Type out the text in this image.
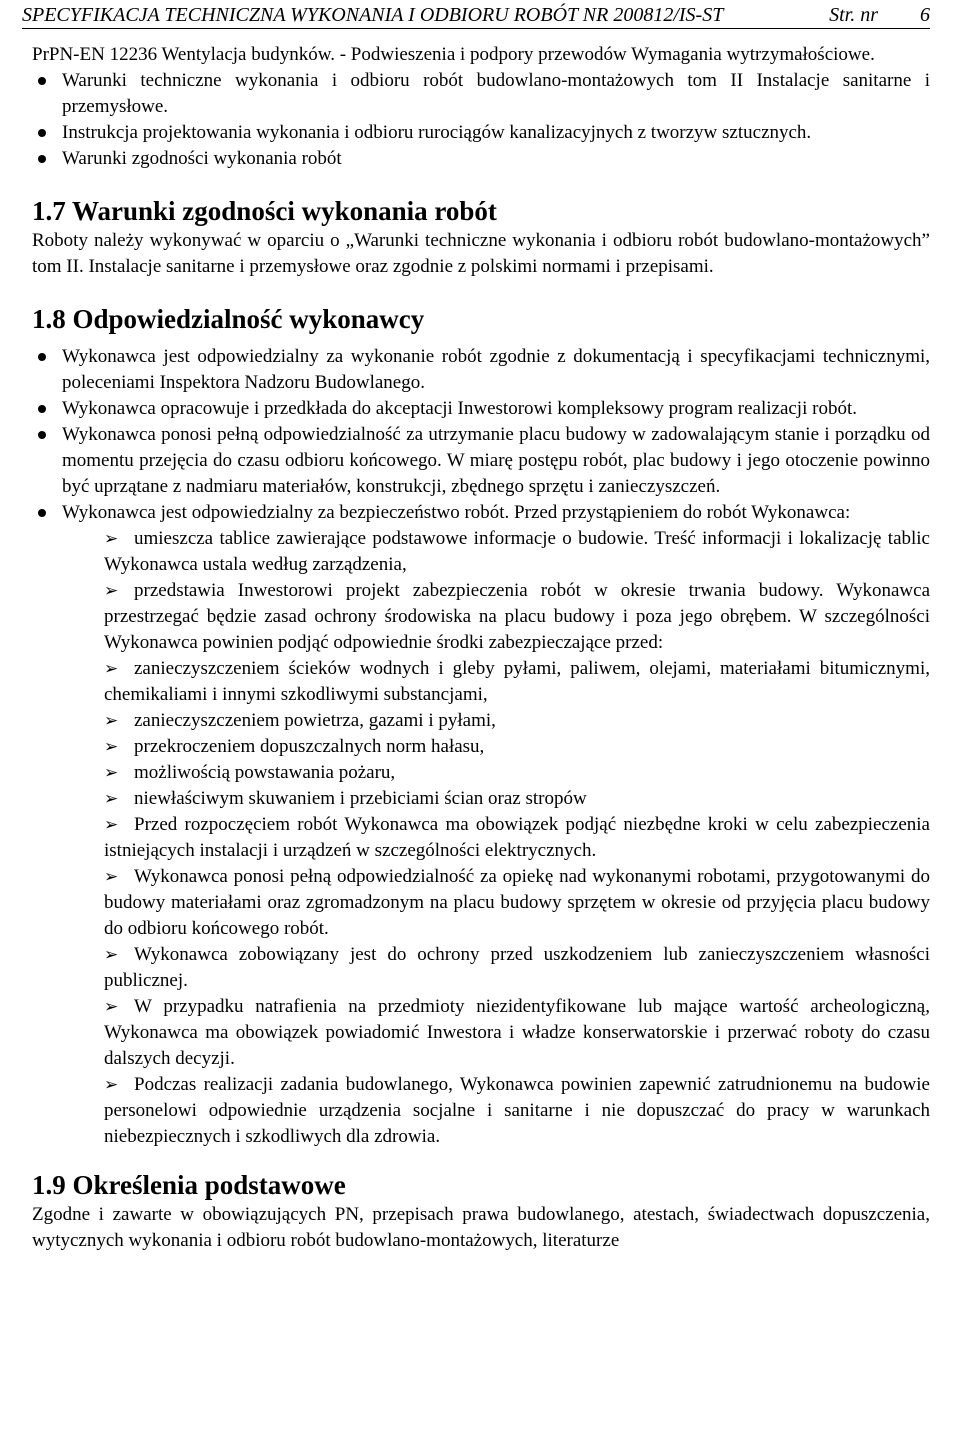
SPECYFIKACJA TECHNICZNA WYKONANIA I ODBIORU ROBÓT NR 200812/IS-ST	Str. nr 6

PrPN-EN 12236 Wentylacja budynków. - Podwieszenia i podpory przewodów Wymagania wytrzymałościowe.

Warunki techniczne wykonania i odbioru robót budowlano-montażowych tom II Instalacje sanitarne i przemysłowe.
Instrukcja projektowania wykonania i odbioru rurociągów kanalizacyjnych z tworzyw sztucznych.
Warunki zgodności wykonania robót
1.7 Warunki zgodności wykonania robót

Roboty należy wykonywać w oparciu o „Warunki techniczne wykonania i odbioru robót budowlano-montażowych” tom II. Instalacje sanitarne i przemysłowe oraz zgodnie z polskimi normami i przepisami.

1.8 Odpowiedzialność wykonawcy
Wykonawca jest odpowiedzialny za wykonanie robót zgodnie z dokumentacją i specyfikacjami technicznymi, poleceniami Inspektora Nadzoru Budowlanego.
Wykonawca opracowuje i przedkłada do akceptacji Inwestorowi kompleksowy program realizacji robót.
Wykonawca ponosi pełną odpowiedzialność za utrzymanie placu budowy w zadowalającym stanie i porządku od momentu przejęcia do czasu odbioru końcowego. W miarę postępu robót, plac budowy i jego otoczenie powinno być uprzątane z nadmiaru materiałów, konstrukcji, zbędnego sprzętu i zanieczyszczeń.
Wykonawca jest odpowiedzialny za bezpieczeństwo robót. Przed przystąpieniem do robót Wykonawca:
➢ umieszcza tablice zawierające podstawowe informacje o budowie. Treść informacji i lokalizację tablic Wykonawca ustala według zarządzenia,
➢ przedstawia Inwestorowi projekt zabezpieczenia robót w okresie trwania budowy. Wykonawca przestrzegać będzie zasad ochrony środowiska na placu budowy i poza jego obrębem. W szczególności Wykonawca powinien podjąć odpowiednie środki zabezpieczające przed:
➢ zanieczyszczeniem ścieków wodnych i gleby pyłami, paliwem, olejami, materiałami bitumicznymi, chemikaliami i innymi szkodliwymi substancjami,
➢ zanieczyszczeniem powietrza, gazami i pyłami,
➢ przekroczeniem dopuszczalnych norm hałasu,
➢ możliwością powstawania pożaru,
➢ niewłaściwym skuwaniem i przebiciami ścian oraz stropów
➢ Przed rozpoczęciem robót Wykonawca ma obowiązek podjąć niezbędne kroki w celu zabezpieczenia istniejących instalacji i urządzeń w szczególności elektrycznych.
➢ Wykonawca ponosi pełną odpowiedzialność za opiekę nad wykonanymi robotami, przygotowanymi do budowy materiałami oraz zgromadzonym na placu budowy sprzętem w okresie od przyjęcia placu budowy do odbioru końcowego robót.
➢ Wykonawca zobowiązany jest do ochrony przed uszkodzeniem lub zanieczyszczeniem własności publicznej.
➢ W przypadku natrafienia na przedmioty niezidentyfikowane lub mające wartość archeologiczną, Wykonawca ma obowiązek powiadomić Inwestora i władze konserwatorskie i przerwać roboty do czasu dalszych decyzji.
➢ Podczas realizacji zadania budowlanego, Wykonawca powinien zapewnić zatrudnionemu na budowie personelowi odpowiednie urządzenia socjalne i sanitarne i nie dopuszczać do pracy w warunkach niebezpiecznych i szkodliwych dla zdrowia.
1.9 Określenia podstawowe

Zgodne i zawarte w obowiązujących PN, przepisach prawa budowlanego, atestach, świadectwach dopuszczenia, wytycznych wykonania i odbioru robót budowlano-montażowych, literaturze
